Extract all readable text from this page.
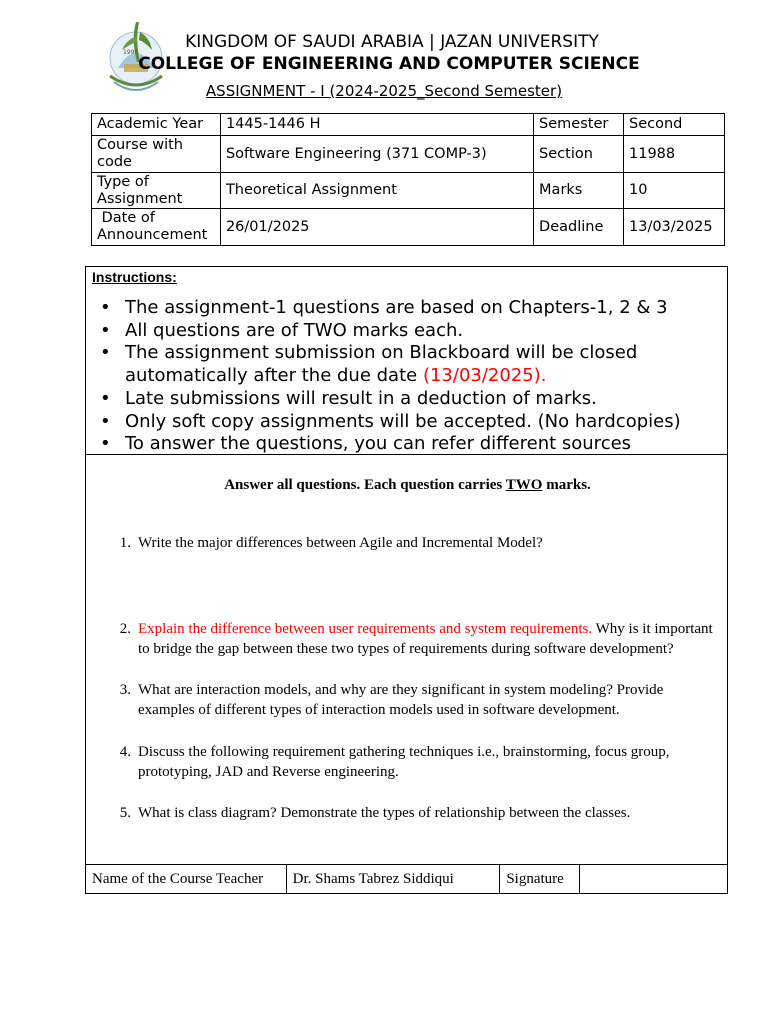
1996
KINGDOM OF SAUDI ARABIA | JAZAN UNIVERSITY
COLLEGE OF ENGINEERING AND COMPUTER SCIENCE
ASSIGNMENT - I (2024-2025_Second Semester)
Academic Year	1445-1446 H	Semester	Second
Course with code	Software Engineering (371 COMP-3)	Section	11988
Type of Assignment	Theoretical Assignment	Marks	10
Date of Announcement	26/01/2025	Deadline	13/03/2025
Instructions:
• The assignment-1 questions are based on Chapters-1, 2 & 3
• All questions are of TWO marks each.
• The assignment submission on Blackboard will be closed automatically after the due date (13/03/2025).
• Late submissions will result in a deduction of marks.
• Only soft copy assignments will be accepted. (No hardcopies)
• To answer the questions, you can refer different sources
Answer all questions. Each question carries TWO marks.
1. Write the major differences between Agile and Incremental Model?
2. Explain the difference between user requirements and system requirements. Why is it important to bridge the gap between these two types of requirements during software development?
3. What are interaction models, and why are they significant in system modeling? Provide examples of different types of interaction models used in software development.
4. Discuss the following requirement gathering techniques i.e., brainstorming, focus group, prototyping, JAD and Reverse engineering.
5. What is class diagram? Demonstrate the types of relationship between the classes.
Name of the Course Teacher	Dr. Shams Tabrez Siddiqui	Signature	
